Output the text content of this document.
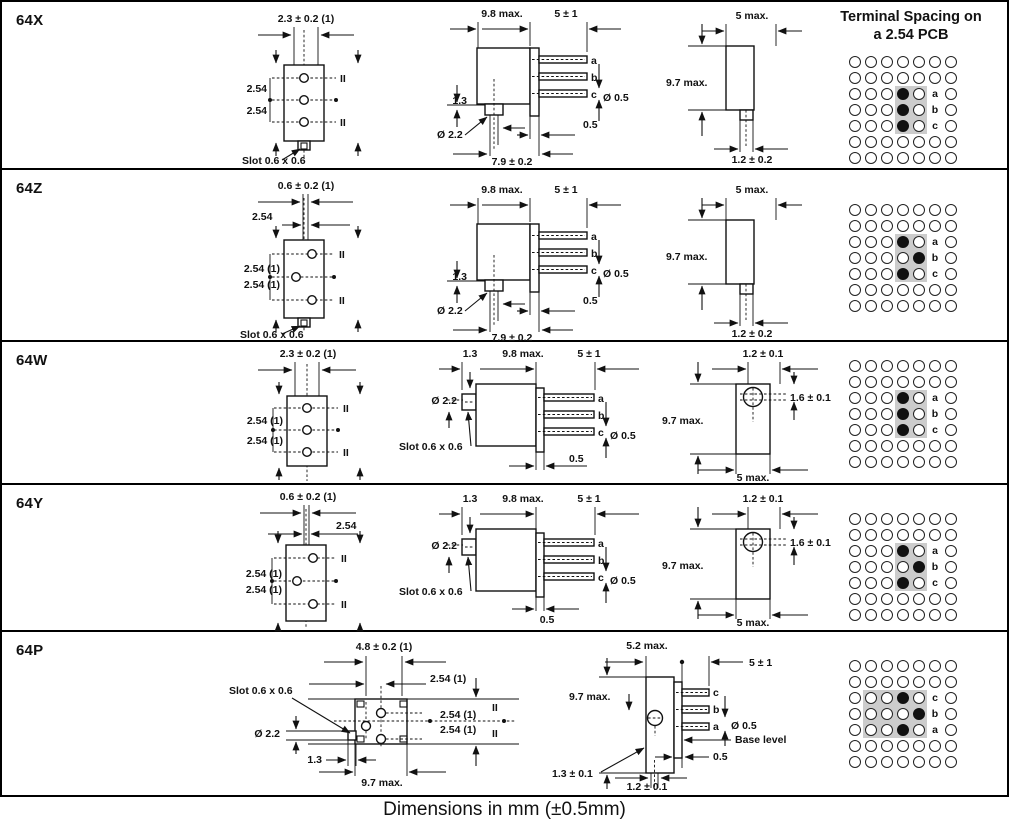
64X	2.3 ± 0.2 (1)
2.54
2.54
II
II
Slot 0.6 x 0.6
9.8 max.	5 ± 1
a
b
c Ø 0.5
1.3
Ø 2.2
0.5
7.9 ± 0.2
5 max.
9.7 max.
1.2 ± 0.2
Terminal Spacing on
a 2.54 PCB
a
b
c
64Z	0.6 ± 0.2 (1)
2.54
2.54 (1)
2.54 (1)
II
II
Slot 0.6 x 0.6
9.8 max.	5 ± 1
a
b
c Ø 0.5
1.3
Ø 2.2
0.5
7.9 ± 0.2
5 max.
9.7 max.
1.2 ± 0.2
a
b
c
64W	2.3 ± 0.2 (1)
2.54 (1)
2.54 (1)
II
II
1.3 9.8 max.	5 ± 1
a
b
c Ø 0.5
Ø 2.2
Slot 0.6 x 0.6
0.5
1.2 ± 0.1
1.6 ± 0.1
9.7 max.
5 max.
a
b
c
64Y	0.6 ± 0.2 (1)
2.54
2.54 (1)
2.54 (1)
II
II
1.3 9.8 max.	5 ± 1
a
b
c Ø 0.5
Ø 2.2
Slot 0.6 x 0.6
0.5
1.2 ± 0.1
1.6 ± 0.1
9.7 max.
5 max.
a
b
c
64P	4.8 ± 0.2 (1)
2.54 (1)
2.54 (1)
2.54 (1)
II
II
Slot 0.6 x 0.6
Ø 2.2
1.3
9.7 max.
5.2 max.
5 ± 1
c
b
a Ø 0.5
9.7 max.
Base level
0.5
1.3 ± 0.1
1.2 ± 0.1
c
b
a
Dimensions in mm (±0.5mm)
